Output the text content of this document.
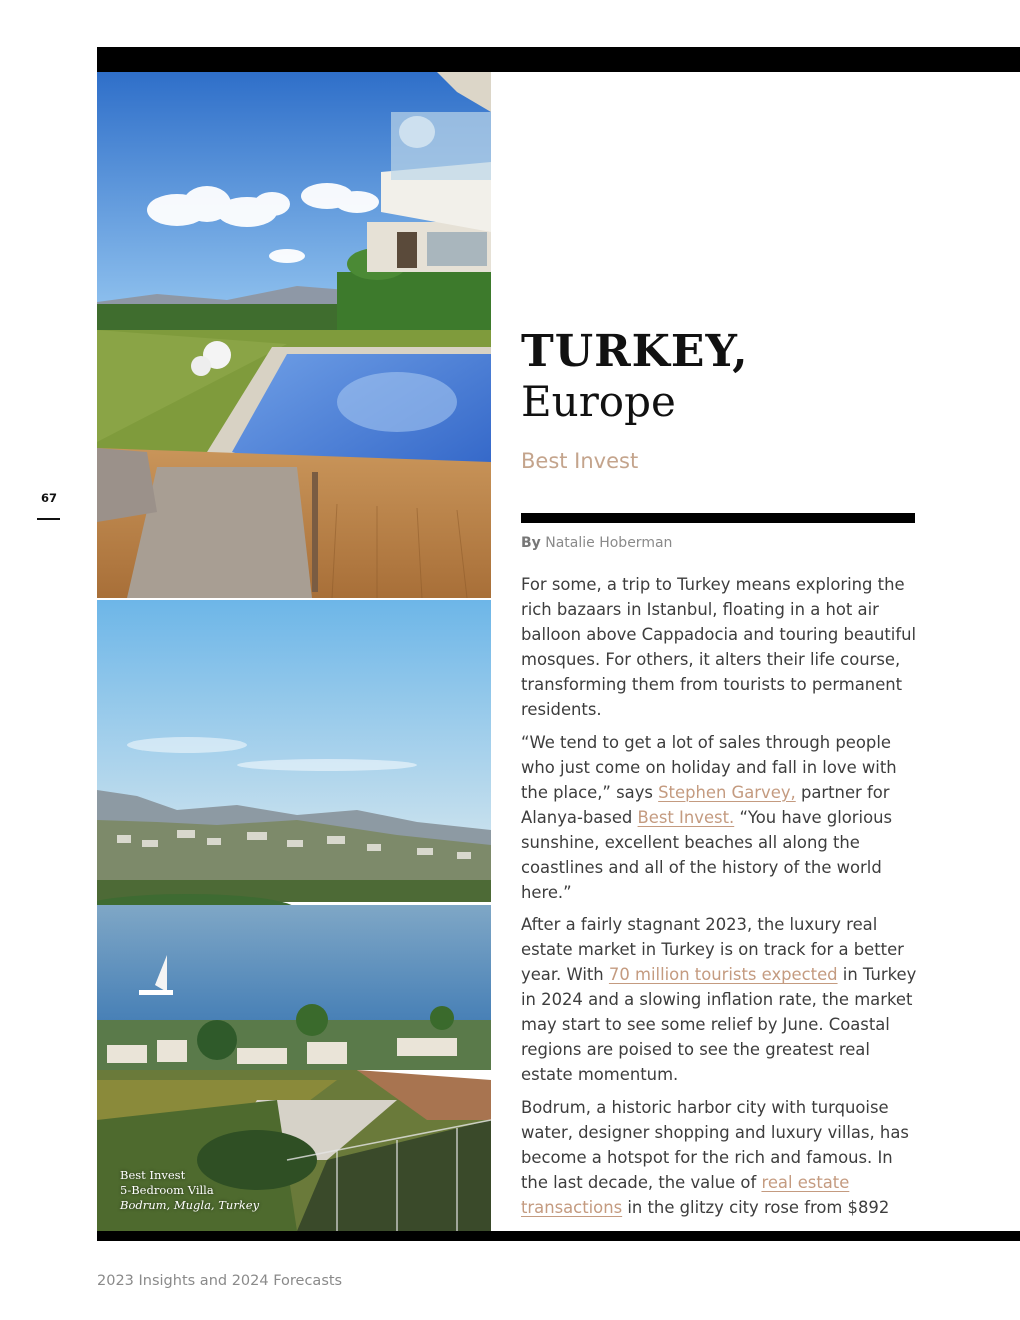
67
Best Invest
5-Bedroom Villa
Bodrum, Mugla, Turkey
TURKEY,
Europe
Best Invest
By Natalie Hoberman

For some, a trip to Turkey means exploring the rich bazaars in Istanbul, floating in a hot air balloon above Cappadocia and touring beautiful mosques. For others, it alters their life course, transforming them from tourists to permanent residents.

“We tend to get a lot of sales through people who just come on holiday and fall in love with the place,” says Stephen Garvey, partner for Alanya-based Best Invest. “You have glorious sunshine, excellent beaches all along the coastlines and all of the history of the world here.”

After a fairly stagnant 2023, the luxury real estate market in Turkey is on track for a better year. With 70 million tourists expected in Turkey in 2024 and a slowing inflation rate, the market may start to see some relief by June. Coastal regions are poised to see the greatest real estate momentum.

Bodrum, a historic harbor city with turquoise water, designer shopping and luxury villas, has become a hotspot for the rich and famous. In the last decade, the value of real estate transactions in the glitzy city rose from $892

2023 Insights and 2024 Forecasts
